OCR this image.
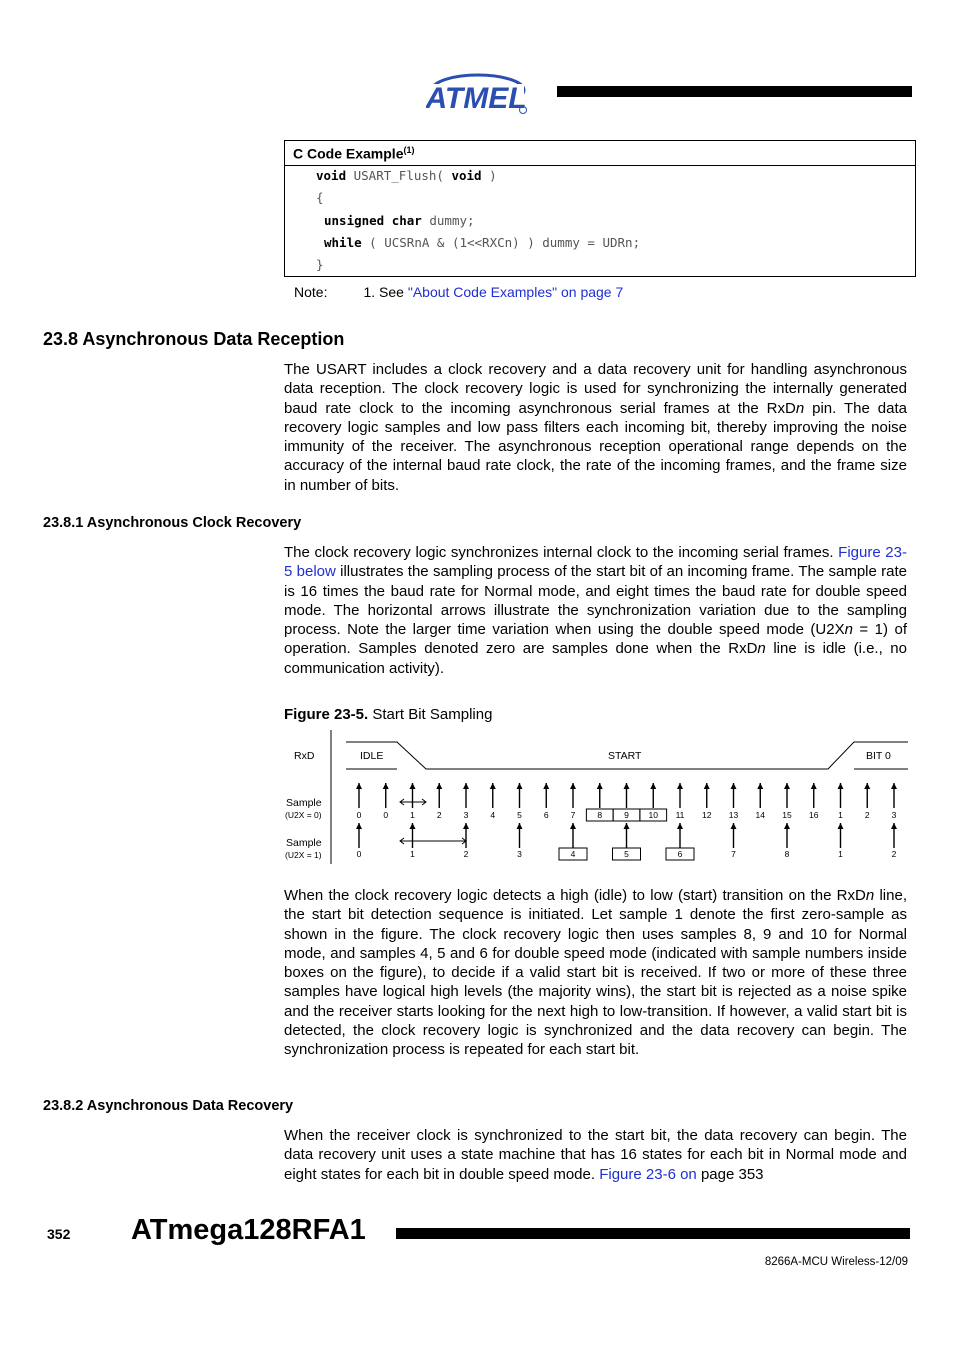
ATMEL
C Code Example$^{(1)}$
void USART_Flush( void )
{
unsigned char dummy;
while ( UCSRnA & (1<<RXCn) ) dummy = UDRn;
}
Note:	1. See "About Code Examples" on page 7
23.8 Asynchronous Data Reception
The USART includes a clock recovery and a data recovery unit for handling asynchronous data reception. The clock recovery logic is used for synchronizing the internally generated baud rate clock to the incoming asynchronous serial frames at the RxDn pin. The data recovery logic samples and low pass filters each incoming bit, thereby improving the noise immunity of the receiver. The asynchronous reception operational range depends on the accuracy of the internal baud rate clock, the rate of the incoming frames, and the frame size in number of bits.
23.8.1 Asynchronous Clock Recovery
The clock recovery logic synchronizes internal clock to the incoming serial frames. Figure 23-5 below illustrates the sampling process of the start bit of an incoming frame. The sample rate is 16 times the baud rate for Normal mode, and eight times the baud rate for double speed mode. The horizontal arrows illustrate the synchronization variation due to the sampling process. Note the larger time variation when using the double speed mode (U2Xn = 1) of operation. Samples denoted zero are samples done when the RxDn line is idle (i.e., no communication activity).
Figure 23-5. Start Bit Sampling
RxD	IDLE	START	BIT 0
Sample
(U2X = 0)
Sample
(U2X = 1)
0	0	1	2	3	4	5	6	7	8	9 10 11 12 13 14 15 16 1	2	3
0	1	2	3	4	5	6	7	8	1	2
When the clock recovery logic detects a high (idle) to low (start) transition on the RxDn line, the start bit detection sequence is initiated. Let sample 1 denote the first zero-sample as shown in the figure. The clock recovery logic then uses samples 8, 9 and 10 for Normal mode, and samples 4, 5 and 6 for double speed mode (indicated with sample numbers inside boxes on the figure), to decide if a valid start bit is received. If two or more of these three samples have logical high levels (the majority wins), the start bit is rejected as a noise spike and the receiver starts looking for the next high to low-transition. If however, a valid start bit is detected, the clock recovery logic is synchronized and the data recovery can begin. The synchronization process is repeated for each start bit.
23.8.2 Asynchronous Data Recovery
When the receiver clock is synchronized to the start bit, the data recovery can begin. The data recovery unit uses a state machine that has 16 states for each bit in Normal mode and eight states for each bit in double speed mode. Figure 23-6 on page 353
352 ATmega128RFA1
8266A-MCU Wireless-12/09
